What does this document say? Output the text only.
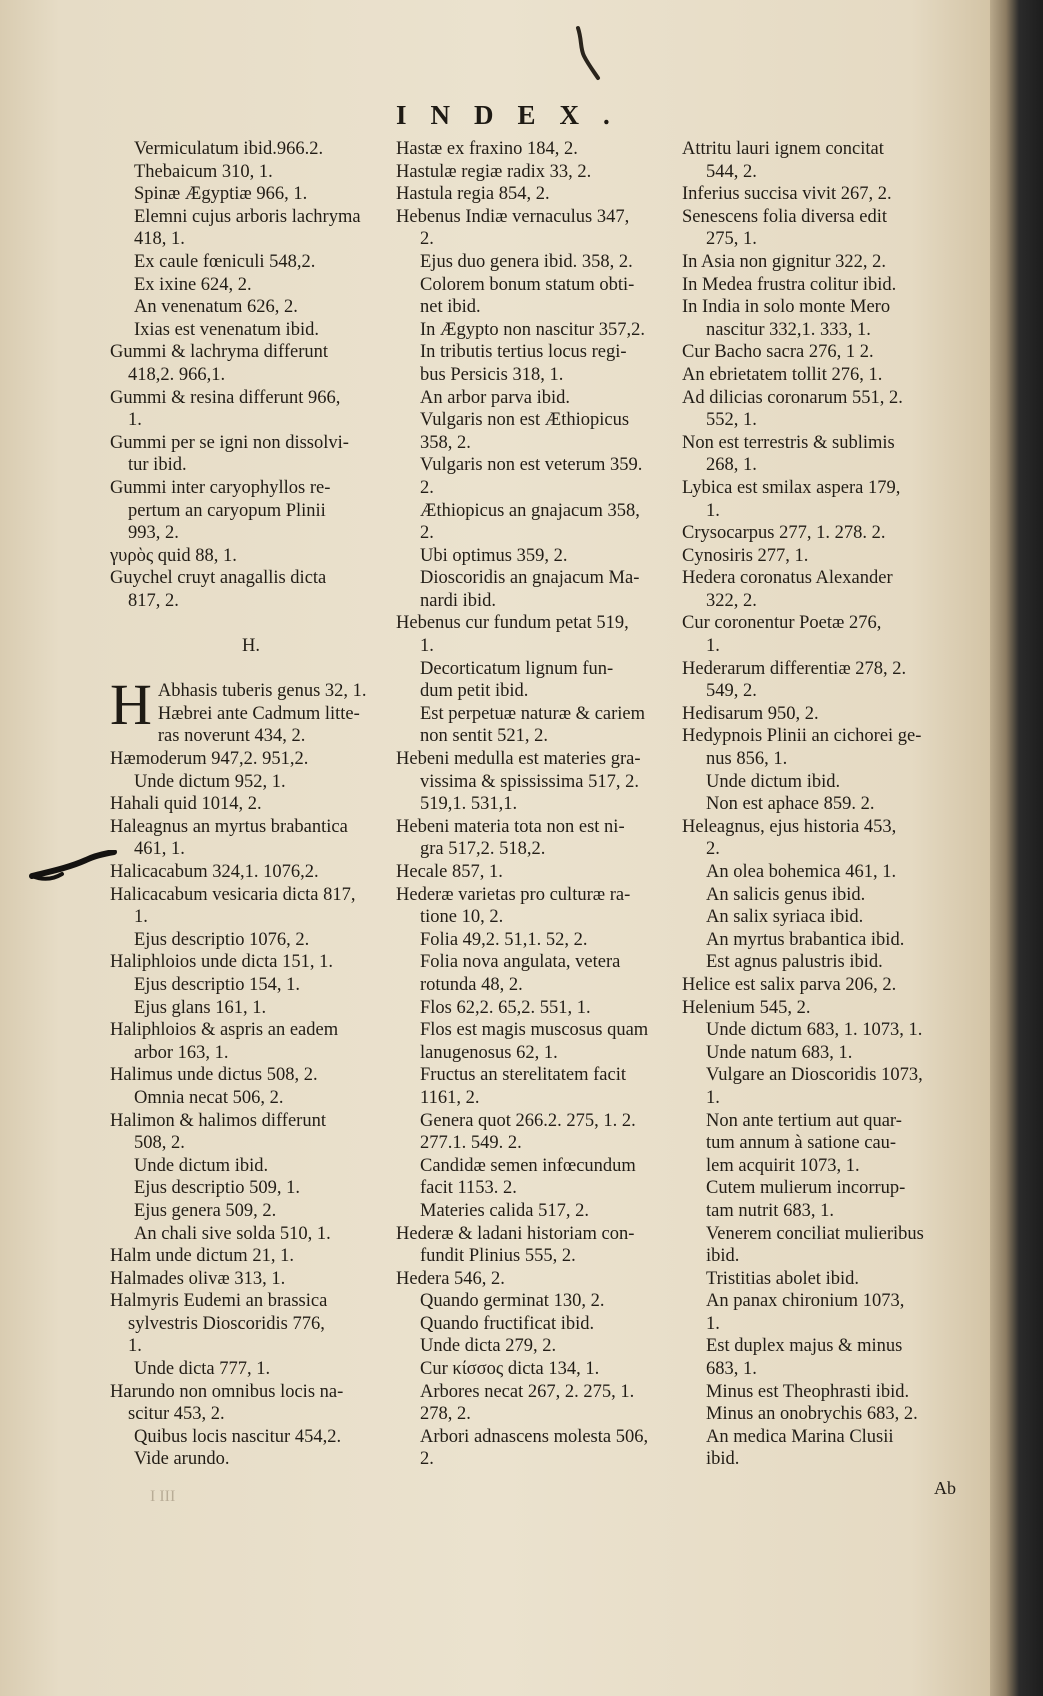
INDEX.
Vermiculatum ibid.966.2.
Thebaicum 310, 1.
Spinæ Ægyptiæ 966, 1.
Elemni cujus arboris lachryma
418, 1.
Ex caule fœniculi 548,2.
Ex ixine 624, 2.
An venenatum 626, 2.
Ixias est venenatum ibid.
Gummi & lachryma differunt
418,2. 966,1.
Gummi & resina differunt 966,
1.
Gummi per se igni non dissolvi-
tur ibid.
Gummi inter caryophyllos re-
pertum an caryopum Plinii
993, 2.
γυρὸς quid 88, 1.
Guychel cruyt anagallis dicta
817, 2.
H.
H Abhasis tuberis genus 32, 1.
Hæbrei ante Cadmum litte-
ras noverunt 434, 2.
Hæmoderum 947,2. 951,2.
Unde dictum 952, 1.
Hahali quid 1014, 2.
Haleagnus an myrtus brabantica
461, 1.
Halicacabum 324,1. 1076,2.
Halicacabum vesicaria dicta 817,
1.
Ejus descriptio 1076, 2.
Haliphloios unde dicta 151, 1.
Ejus descriptio 154, 1.
Ejus glans 161, 1.
Haliphloios & aspris an eadem
arbor 163, 1.
Halimus unde dictus 508, 2.
Omnia necat 506, 2.
Halimon & halimos differunt
508, 2.
Unde dictum ibid.
Ejus descriptio 509, 1.
Ejus genera 509, 2.
An chali sive solda 510, 1.
Halm unde dictum 21, 1.
Halmades olivæ 313, 1.
Halmyris Eudemi an brassica
sylvestris Dioscoridis 776,
1.
Unde dicta 777, 1.
Harundo non omnibus locis na-
scitur 453, 2.
Quibus locis nascitur 454,2.
Vide arundo.
Hastæ ex fraxino 184, 2.
Hastulæ regiæ radix 33, 2.
Hastula regia 854, 2.
Hebenus Indiæ vernaculus 347,
2.
Ejus duo genera ibid. 358, 2.
Colorem bonum statum obti-
net ibid.
In Ægypto non nascitur 357,2.
In tributis tertius locus regi-
bus Persicis 318, 1.
An arbor parva ibid.
Vulgaris non est Æthiopicus
358, 2.
Vulgaris non est veterum 359.
2.
Æthiopicus an gnajacum 358,
2.
Ubi optimus 359, 2.
Dioscoridis an gnajacum Ma-
nardi ibid.
Hebenus cur fundum petat 519,
1.
Decorticatum lignum fun-
dum petit ibid.
Est perpetuæ naturæ & cariem
non sentit 521, 2.
Hebeni medulla est materies gra-
vissima & spississima 517, 2.
519,1. 531,1.
Hebeni materia tota non est ni-
gra 517,2. 518,2.
Hecale 857, 1.
Hederæ varietas pro culturæ ra-
tione 10, 2.
Folia 49,2. 51,1. 52, 2.
Folia nova angulata, vetera
rotunda 48, 2.
Flos 62,2. 65,2. 551, 1.
Flos est magis muscosus quam
lanugenosus 62, 1.
Fructus an sterelitatem facit
1161, 2.
Genera quot 266.2. 275, 1. 2.
277.1. 549. 2.
Candidæ semen infœcundum
facit 1153. 2.
Materies calida 517, 2.
Hederæ & ladani historiam con-
fundit Plinius 555, 2.
Hedera 546, 2.
Quando germinat 130, 2.
Quando fructificat ibid.
Unde dicta 279, 2.
Cur κίσσος dicta 134, 1.
Arbores necat 267, 2. 275, 1.
278, 2.
Arbori adnascens molesta 506,
2.
Attritu lauri ignem concitat
544, 2.
Inferius succisa vivit 267, 2.
Senescens folia diversa edit
275, 1.
In Asia non gignitur 322, 2.
In Medea frustra colitur ibid.
In India in solo monte Mero
nascitur 332,1. 333, 1.
Cur Bacho sacra 276, 1 2.
An ebrietatem tollit 276, 1.
Ad dilicias coronarum 551, 2.
552, 1.
Non est terrestris & sublimis
268, 1.
Lybica est smilax aspera 179,
1.
Crysocarpus 277, 1. 278. 2.
Cynosiris 277, 1.
Hedera coronatus Alexander
322, 2.
Cur coronentur Poetæ 276,
1.
Hederarum differentiæ 278, 2.
549, 2.
Hedisarum 950, 2.
Hedypnois Plinii an cichorei ge-
nus 856, 1.
Unde dictum ibid.
Non est aphace 859. 2.
Heleagnus, ejus historia 453,
2.
An olea bohemica 461, 1.
An salicis genus ibid.
An salix syriaca ibid.
An myrtus brabantica ibid.
Est agnus palustris ibid.
Helice est salix parva 206, 2.
Helenium 545, 2.
Unde dictum 683, 1. 1073, 1.
Unde natum 683, 1.
Vulgare an Dioscoridis 1073,
1.
Non ante tertium aut quar-
tum annum à satione cau-
lem acquirit 1073, 1.
Cutem mulierum incorrup-
tam nutrit 683, 1.
Venerem conciliat mulieribus
ibid.
Tristitias abolet ibid.
An panax chironium 1073,
1.
Est duplex majus & minus
683, 1.
Minus est Theophrasti ibid.
Minus an onobrychis 683, 2.
An medica Marina Clusii
ibid.
I III	Ab
